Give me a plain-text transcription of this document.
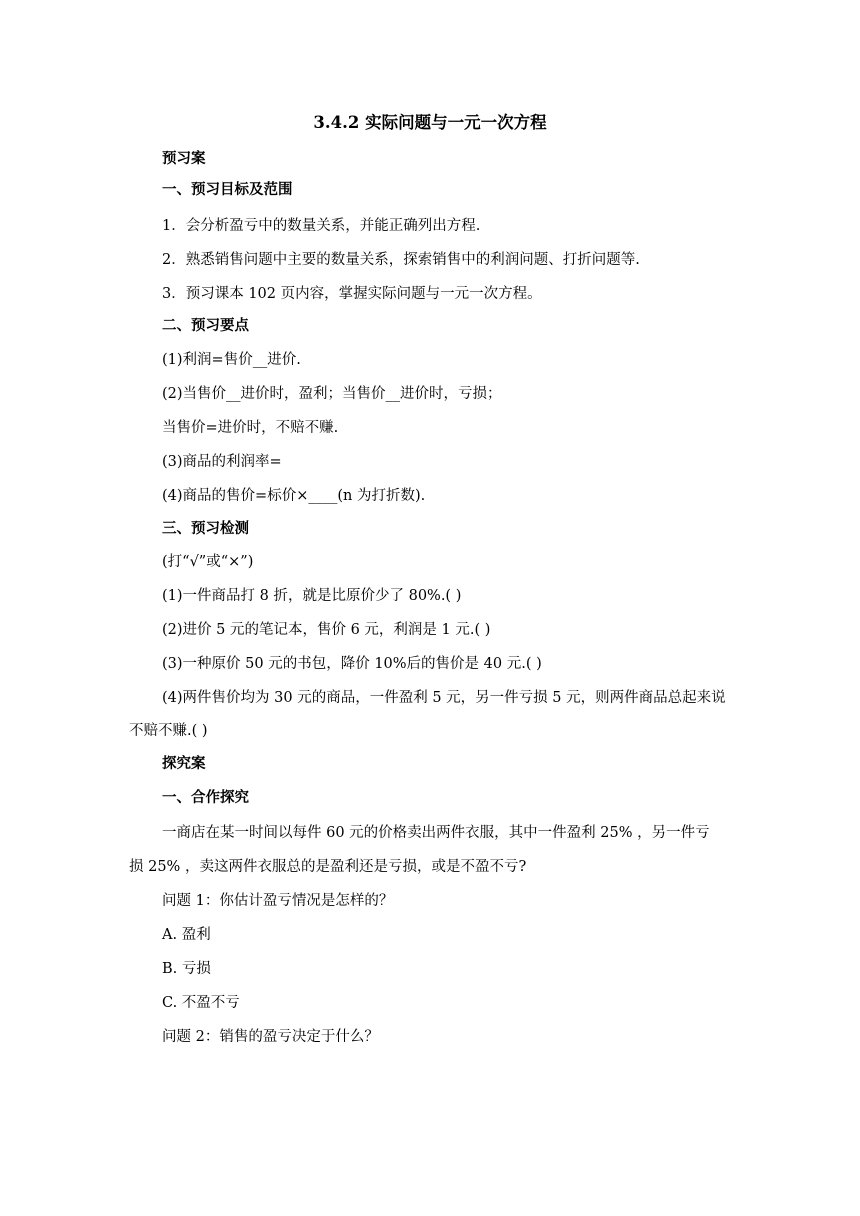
3.4.2 实际问题与一元一次方程
预习案
一、预习目标及范围
1．会分析盈亏中的数量关系，并能正确列出方程.
2．熟悉销售问题中主要的数量关系，探索销售中的利润问题、打折问题等.
3．预习课本 102 页内容，掌握实际问题与一元一次方程。
二、预习要点
(1)利润=售价__进价.
(2)当售价__进价时，盈利；当售价__进价时，亏损；
当售价=进价时，不赔不赚.
(3)商品的利润率=
(4)商品的售价=标价×____(n 为打折数).
三、预习检测
(打“√”或“×”)
(1)一件商品打 8 折，就是比原价少了 80%.( )
(2)进价 5 元的笔记本，售价 6 元，利润是 1 元.( )
(3)一种原价 50 元的书包，降价 10%后的售价是 40 元.( )
(4)两件售价均为 30 元的商品，一件盈利 5 元，另一件亏损 5 元，则两件商品总起来说
不赔不赚.( )
探究案
一、合作探究
一商店在某一时间以每件 60 元的价格卖出两件衣服，其中一件盈利 25% ，另一件亏
损 25% ，卖这两件衣服总的是盈利还是亏损，或是不盈不亏?
问题 1：你估计盈亏情况是怎样的？
A. 盈利
B. 亏损
C. 不盈不亏
问题 2：销售的盈亏决定于什么？
